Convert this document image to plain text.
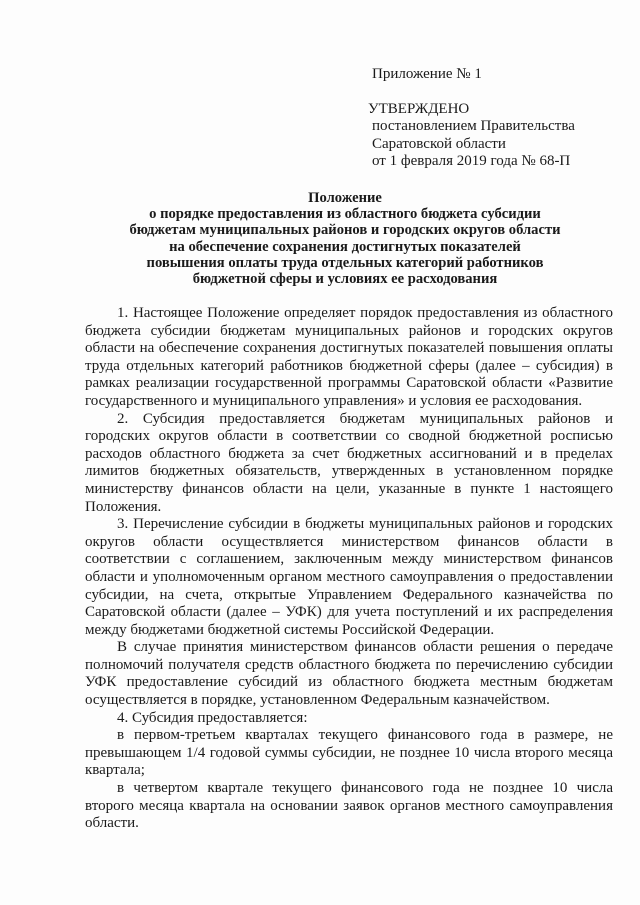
Приложение № 1
УТВЕРЖДЕНО
постановлением Правительства
Саратовской области
от 1 февраля 2019 года № 68-П
Положение
о порядке предоставления из областного бюджета субсидии
бюджетам муниципальных районов и городских округов области
на обеспечение сохранения достигнутых показателей
повышения оплаты труда отдельных категорий работников
бюджетной сферы и условиях ее расходования

1. Настоящее Положение определяет порядок предоставления из областного бюджета субсидии бюджетам муниципальных районов и городских округов области на обеспечение сохранения достигнутых показателей повышения оплаты труда отдельных категорий работников бюджетной сферы (далее – субсидия) в рамках реализации государственной программы Саратовской области «Развитие государственного и муниципального управления» и условия ее расходования.

2. Субсидия предоставляется бюджетам муниципальных районов и городских округов области в соответствии со сводной бюджетной росписью расходов областного бюджета за счет бюджетных ассигнований и в пределах лимитов бюджетных обязательств, утвержденных в установленном порядке министерству финансов области на цели, указанные в пункте 1 настоящего Положения.

3. Перечисление субсидии в бюджеты муниципальных районов и городских округов области осуществляется министерством финансов области в соответствии с соглашением, заключенным между министерством финансов области и уполномоченным органом местного самоуправления о предоставлении субсидии, на счета, открытые Управлением Федерального казначейства по Саратовской области (далее – УФК) для учета поступлений и их распределения между бюджетами бюджетной системы Российской Федерации.

В случае принятия министерством финансов области решения о передаче полномочий получателя средств областного бюджета по перечислению субсидии УФК предоставление субсидий из областного бюджета местным бюджетам осуществляется в порядке, установленном Федеральным казначейством.

4. Субсидия предоставляется:

в первом-третьем кварталах текущего финансового года в размере, не превышающем 1/4 годовой суммы субсидии, не позднее 10 числа второго месяца квартала;

в четвертом квартале текущего финансового года не позднее 10 числа второго месяца квартала на основании заявок органов местного самоуправления области.
